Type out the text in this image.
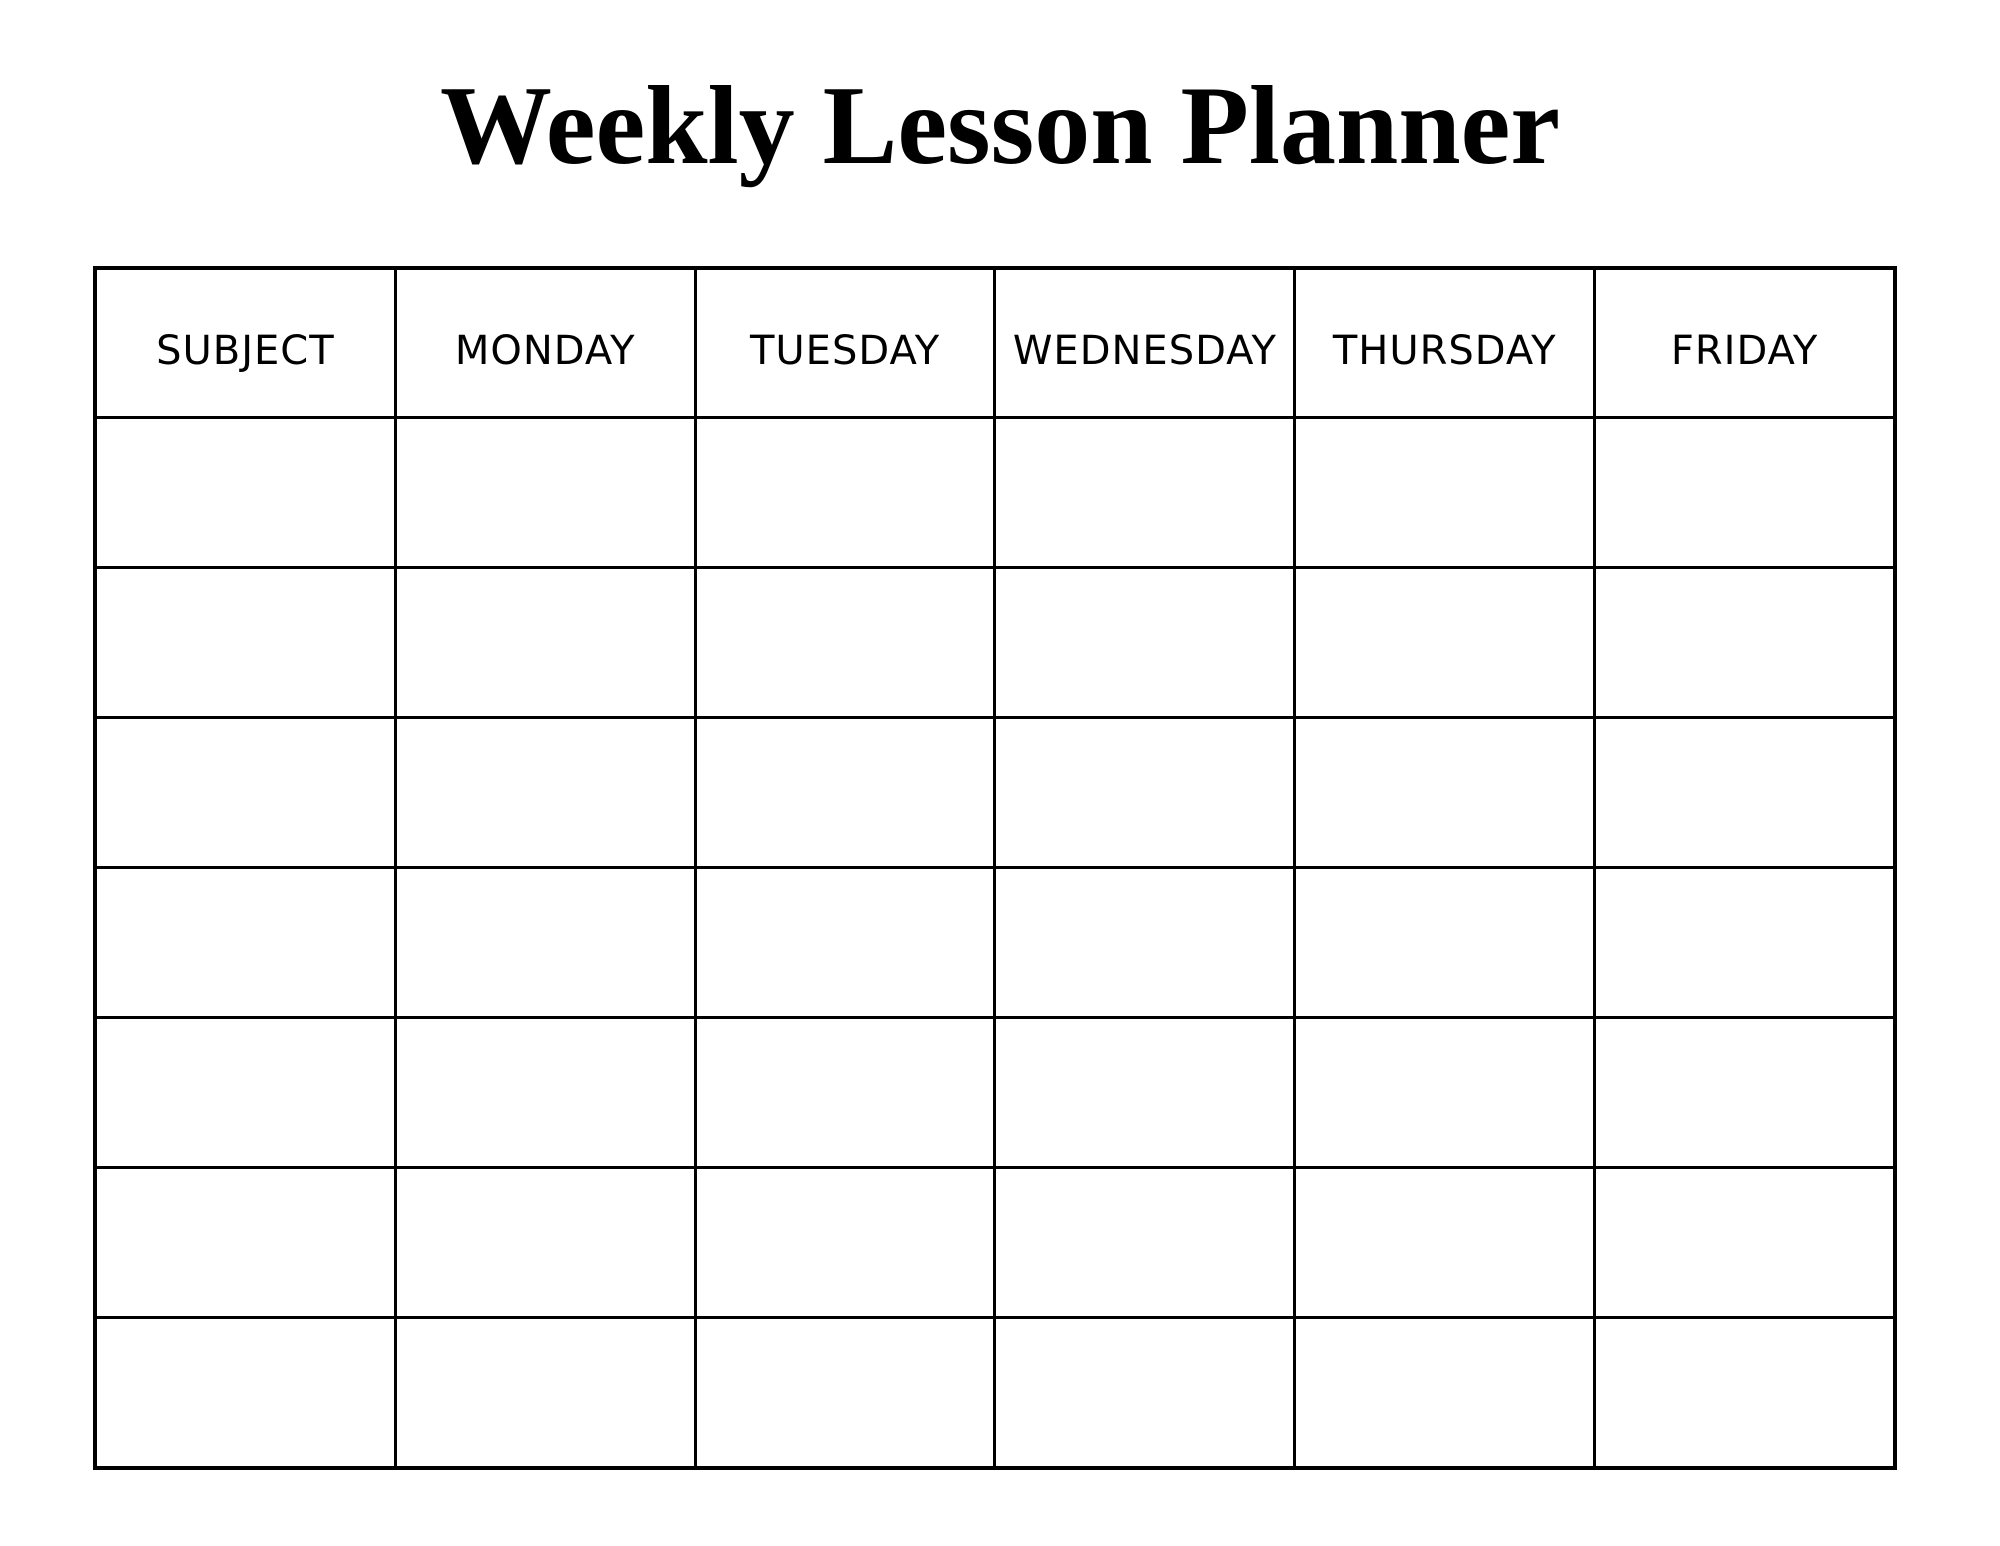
Weekly Lesson Planner
SUBJECT	MONDAY	TUESDAY	WEDNESDAY	THURSDAY	FRIDAY
